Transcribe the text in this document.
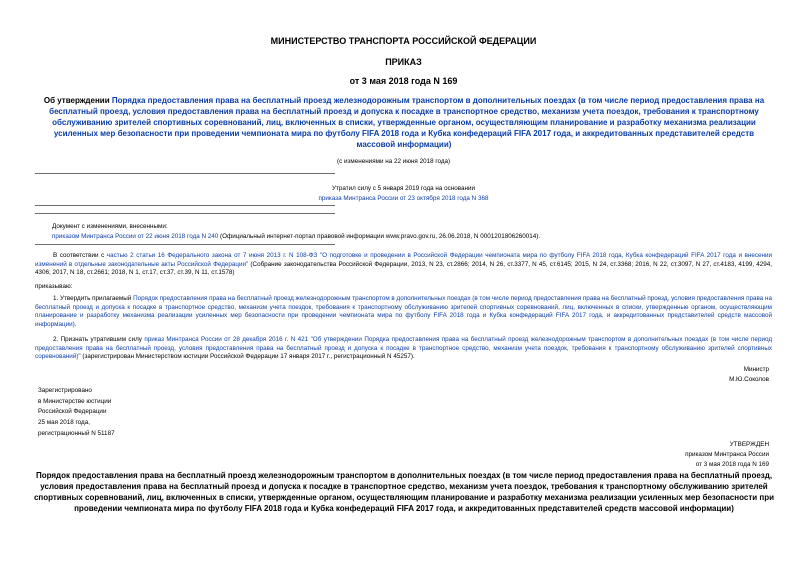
МИНИСТЕРСТВО ТРАНСПОРТА РОССИЙСКОЙ ФЕДЕРАЦИИ
ПРИКАЗ
от 3 мая 2018 года N 169
Об утверждении Порядка предоставления права на бесплатный проезд железнодорожным транспортом в дополнительных поездах (в том числе период предоставления права на бесплатный проезд, условия предоставления права на бесплатный проезд и допуска к посадке в транспортное средство, механизм учета поездок, требования к транспортному обслуживанию зрителей спортивных соревнований, лиц, включенных в списки, утвержденные органом, осуществляющим планирование и разработку механизма реализации усиленных мер безопасности при проведении чемпионата мира по футболу FIFA 2018 года и Кубка конфедераций FIFA 2017 года, и аккредитованных представителей средств массовой информации)
(с изменениями на 22 июня 2018 года)
Утратил силу с 5 января 2019 года на основании
приказа Минтранса России от 23 октября 2018 года N 368
Документ с изменениями, внесенными:
приказом Минтранса России от 22 июня 2018 года N 240 (Официальный интернет-портал правовой информации www.pravo.gov.ru, 26.06.2018, N 0001201806260014).
В соответствии с частью 2 статьи 16 Федерального закона от 7 июня 2013 г. N 108-ФЗ "О подготовке и проведении в Российской Федерации чемпионата мира по футболу FIFA 2018 года, Кубка конфедераций FIFA 2017 года и внесении изменений в отдельные законодательные акты Российской Федерации" (Собрание законодательства Российской Федерации, 2013, N 23, ст.2866; 2014, N 26, ст.3377, N 45, ст.6145; 2015, N 24, ст.3368; 2016, N 22, ст.3097, N 27, ст.4183, 4199, 4294, 4306; 2017, N 18, ст.2661; 2018, N 1, ст.17, ст.37, ст.39, N 11, ст.1578)
приказываю:
1. Утвердить прилагаемый Порядок предоставления права на бесплатный проезд железнодорожным транспортом в дополнительных поездах (в том числе период предоставления права на бесплатный проезд, условия предоставления права на бесплатный проезд и допуска к посадке в транспортное средство, механизм учета поездок, требования к транспортному обслуживанию зрителей спортивных соревнований, лиц, включенных в списки, утвержденные органом, осуществляющим планирование и разработку механизма реализации усиленных мер безопасности при проведении чемпионата мира по футболу FIFA 2018 года и Кубка конфедераций FIFA 2017 года, и аккредитованных представителей средств массовой информации).
2. Признать утратившим силу приказ Минтранса России от 28 декабря 2016 г. N 421 "Об утверждении Порядка предоставления права на бесплатный проезд железнодорожным транспортом в дополнительных поездах (в том числе период предоставления права на бесплатный проезд, условия предоставления права на бесплатный проезд и допуска к посадке в транспортное средство, механизм учета поездок, требования к транспортному обслуживанию зрителей спортивных соревнований)" (зарегистрирован Министерством юстиции Российской Федерации 17 января 2017 г., регистрационный N 45257).
Министр
М.Ю.Соколов
Зарегистрировано
в Министерстве юстиции
Российской Федерации
25 мая 2018 года,
регистрационный N 51187
УТВЕРЖДЕН
приказом Минтранса России
от 3 мая 2018 года N 169
Порядок предоставления права на бесплатный проезд железнодорожным транспортом в дополнительных поездах (в том числе период предоставления права на бесплатный проезд, условия предоставления права на бесплатный проезд и допуска к посадке в транспортное средство, механизм учета поездок, требования к транспортному обслуживанию зрителей спортивных соревнований, лиц, включенных в списки, утвержденные органом, осуществляющим планирование и разработку механизма реализации усиленных мер безопасности при проведении чемпионата мира по футболу FIFA 2018 года и Кубка конфедераций FIFA 2017 года, и аккредитованных представителей средств массовой информации)
